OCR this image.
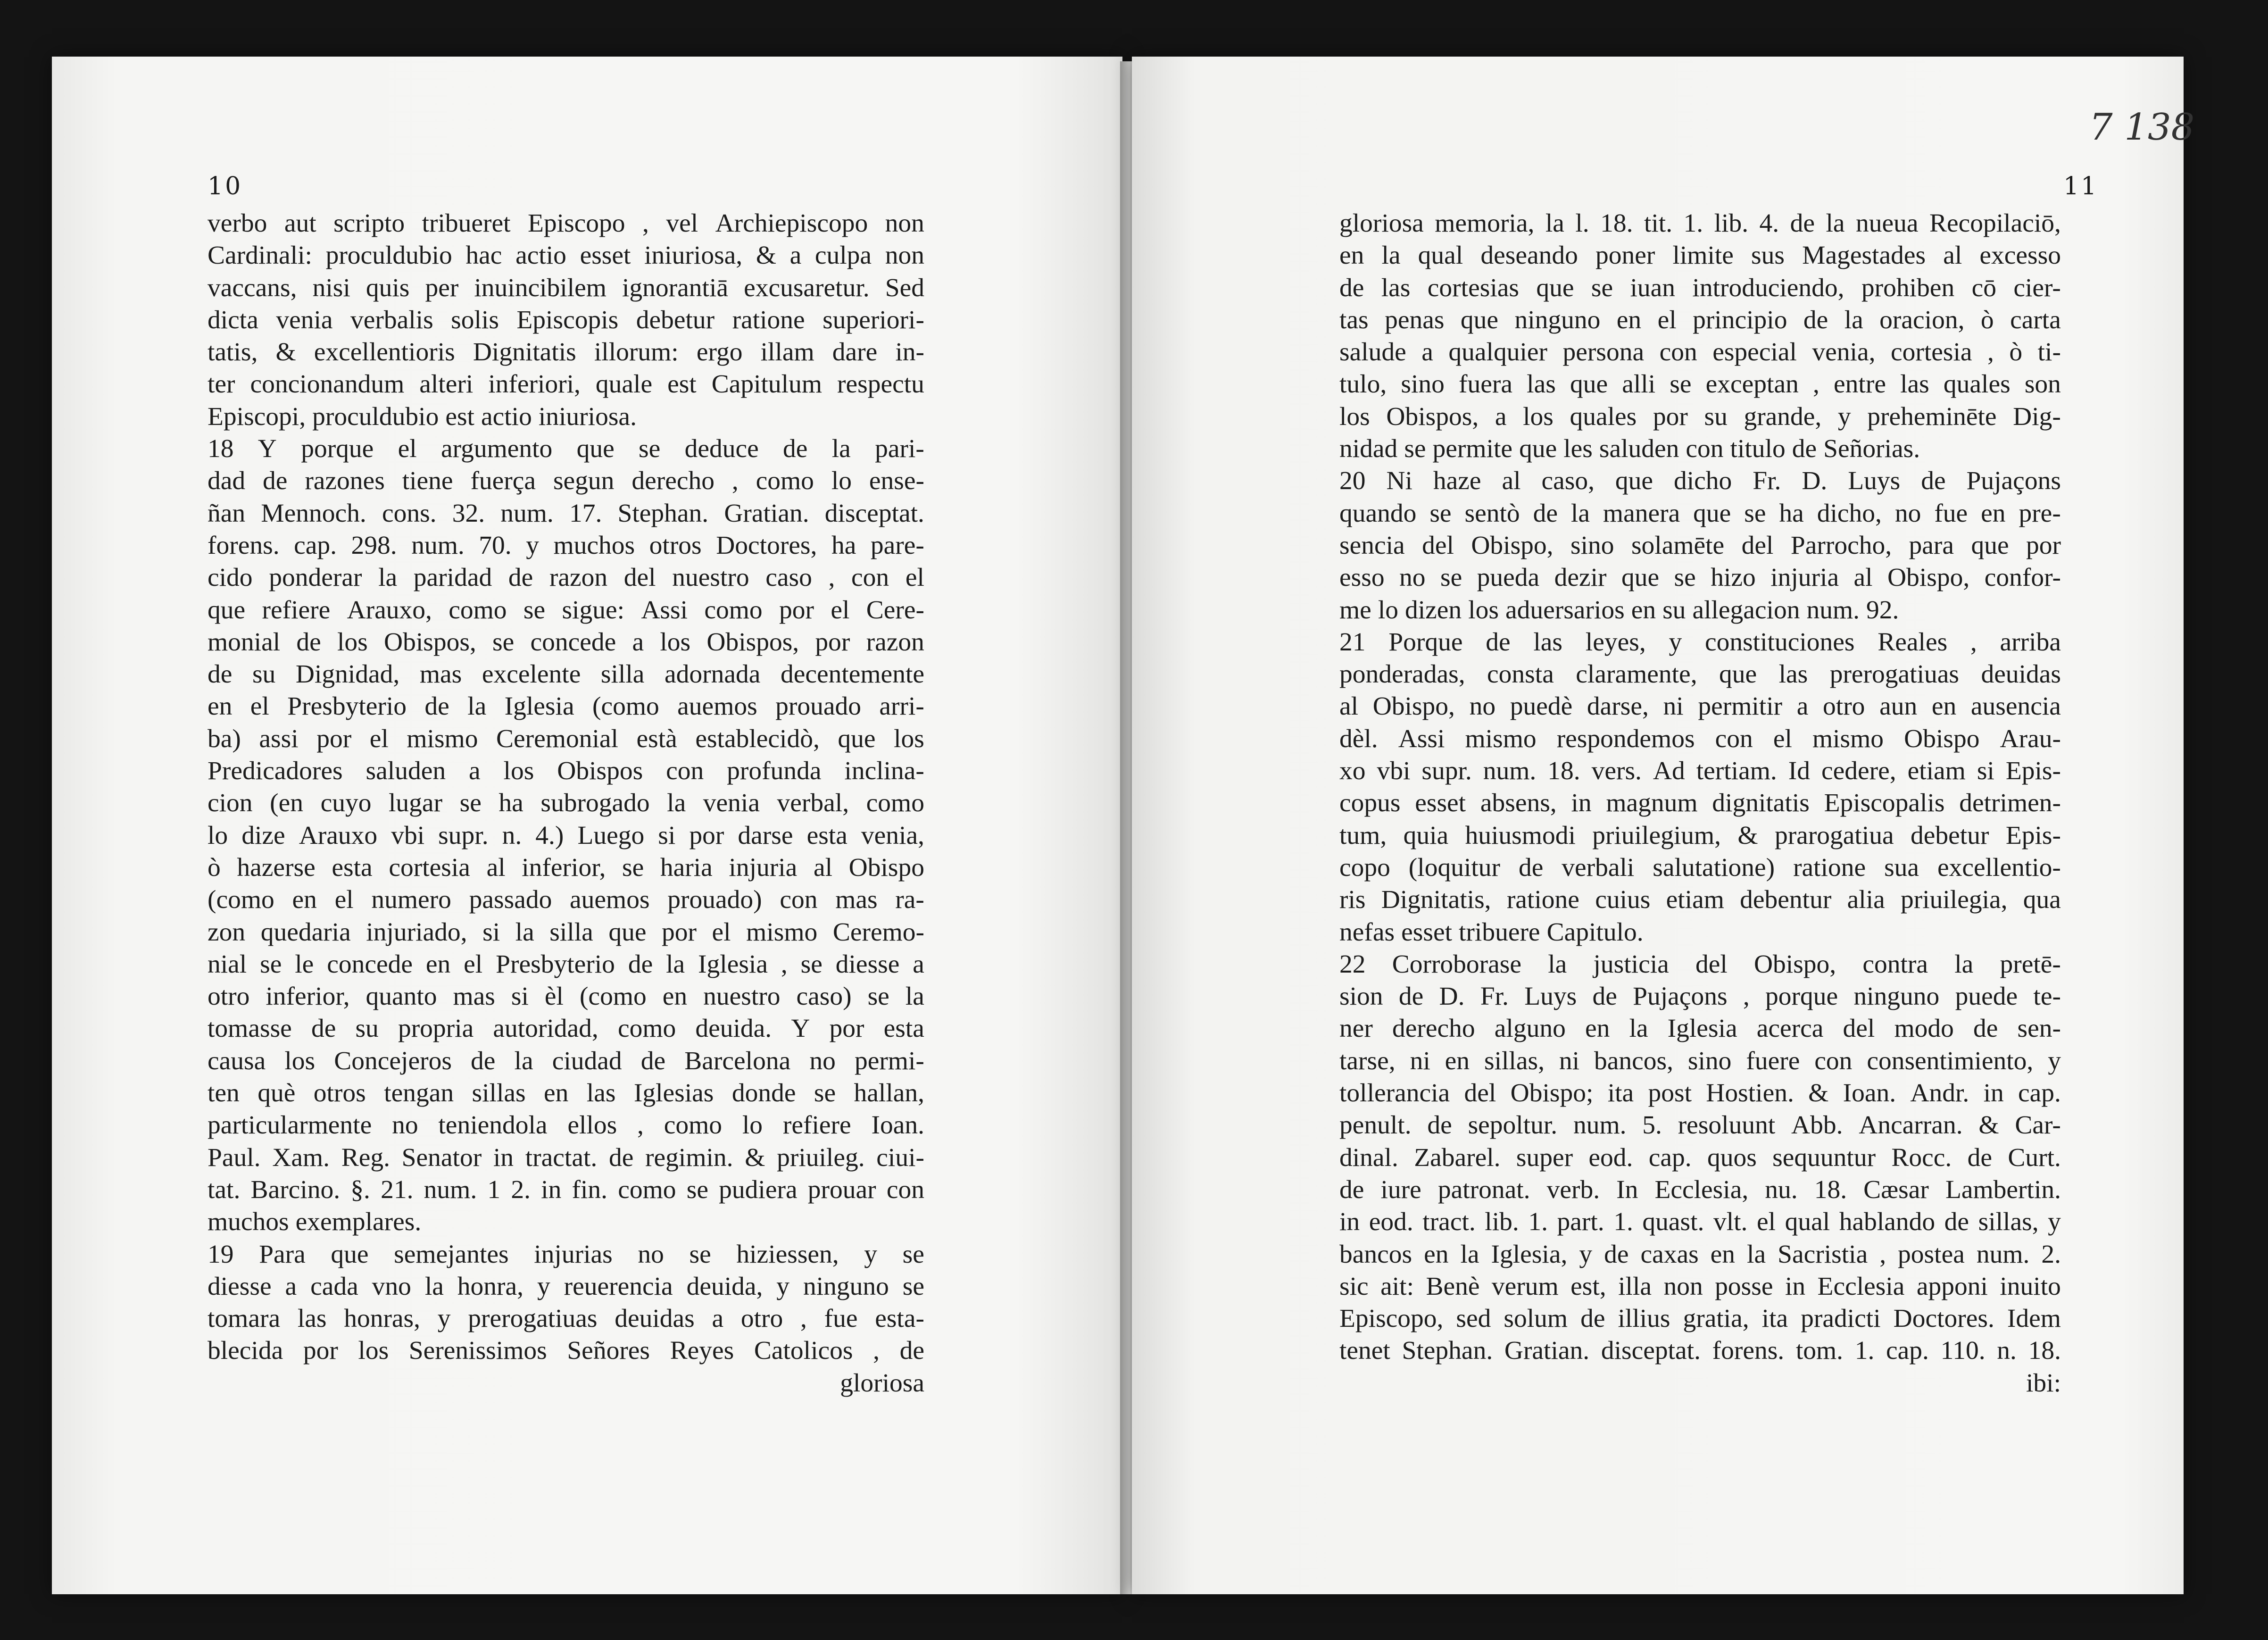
10	11
7 138
verbo aut scripto tribueret Episcopo , vel Archiepiscopo non
Cardinali: proculdubio hac actio esset iniuriosa, & a culpa non
vaccans, nisi quis per inuincibilem ignorantiā excusaretur. Sed
dicta venia verbalis solis Episcopis debetur ratione superiori-
tatis, & excellentioris Dignitatis illorum: ergo illam dare in-
ter concionandum alteri inferiori, quale est Capitulum respectu
Episcopi, proculdubio est actio iniuriosa.
18 Y porque el argumento que se deduce de la pari-
dad de razones tiene fuerça segun derecho , como lo ense-
ñan Mennoch. cons. 32. num. 17. Stephan. Gratian. disceptat.
forens. cap. 298. num. 70. y muchos otros Doctores, ha pare-
cido ponderar la paridad de razon del nuestro caso , con el
que refiere Arauxo, como se sigue: Assi como por el Cere-
monial de los Obispos, se concede a los Obispos, por razon
de su Dignidad, mas excelente silla adornada decentemente
en el Presbyterio de la Iglesia (como auemos prouado arri-
ba) assi por el mismo Ceremonial està establecidò, que los
Predicadores saluden a los Obispos con profunda inclina-
cion (en cuyo lugar se ha subrogado la venia verbal, como
lo dize Arauxo vbi supr. n. 4.) Luego si por darse esta venia,
ò hazerse esta cortesia al inferior, se haria injuria al Obispo
(como en el numero passado auemos prouado) con mas ra-
zon quedaria injuriado, si la silla que por el mismo Ceremo-
nial se le concede en el Presbyterio de la Iglesia , se diesse a
otro inferior, quanto mas si èl (como en nuestro caso) se la
tomasse de su propria autoridad, como deuida. Y por esta
causa los Concejeros de la ciudad de Barcelona no permi-
ten què otros tengan sillas en las Iglesias donde se hallan,
particularmente no teniendola ellos , como lo refiere Ioan.
Paul. Xam. Reg. Senator in tractat. de regimin. & priuileg. ciui-
tat. Barcino. §. 21. num. 1 2. in fin. como se pudiera prouar con
muchos exemplares.
19 Para que semejantes injurias no se hiziessen, y se
diesse a cada vno la honra, y reuerencia deuida, y ninguno se
tomara las honras, y prerogatiuas deuidas a otro , fue esta-
blecida por los Serenissimos Señores Reyes Catolicos , de
gloriosa
gloriosa memoria, la l. 18. tit. 1. lib. 4. de la nueua Recopilaciō,
en la qual deseando poner limite sus Magestades al excesso
de las cortesias que se iuan introduciendo, prohiben cō cier-
tas penas que ninguno en el principio de la oracion, ò carta
salude a qualquier persona con especial venia, cortesia , ò ti-
tulo, sino fuera las que alli se exceptan , entre las quales son
los Obispos, a los quales por su grande, y preheminēte Dig-
nidad se permite que les saluden con titulo de Señorias.
20 Ni haze al caso, que dicho Fr. D. Luys de Pujaçons
quando se sentò de la manera que se ha dicho, no fue en pre-
sencia del Obispo, sino solamēte del Parrocho, para que por
esso no se pueda dezir que se hizo injuria al Obispo, confor-
me lo dizen los aduersarios en su allegacion num. 92.
21 Porque de las leyes, y constituciones Reales , arriba
ponderadas, consta claramente, que las prerogatiuas deuidas
al Obispo, no puedè darse, ni permitir a otro aun en ausencia
dèl. Assi mismo respondemos con el mismo Obispo Arau-
xo vbi supr. num. 18. vers. Ad tertiam. Id cedere, etiam si Epis-
copus esset absens, in magnum dignitatis Episcopalis detrimen-
tum, quia huiusmodi priuilegium, & prarogatiua debetur Epis-
copo (loquitur de verbali salutatione) ratione sua excellentio-
ris Dignitatis, ratione cuius etiam debentur alia priuilegia, qua
nefas esset tribuere Capitulo.
22 Corroborase la justicia del Obispo, contra la pretē-
sion de D. Fr. Luys de Pujaçons , porque ninguno puede te-
ner derecho alguno en la Iglesia acerca del modo de sen-
tarse, ni en sillas, ni bancos, sino fuere con consentimiento, y
tollerancia del Obispo; ita post Hostien. & Ioan. Andr. in cap.
penult. de sepoltur. num. 5. resoluunt Abb. Ancarran. & Car-
dinal. Zabarel. super eod. cap. quos sequuntur Rocc. de Curt.
de iure patronat. verb. In Ecclesia, nu. 18. Cæsar Lambertin.
in eod. tract. lib. 1. part. 1. quast. vlt. el qual hablando de sillas, y
bancos en la Iglesia, y de caxas en la Sacristia , postea num. 2.
sic ait: Benè verum est, illa non posse in Ecclesia apponi inuito
Episcopo, sed solum de illius gratia, ita pradicti Doctores. Idem
tenet Stephan. Gratian. disceptat. forens. tom. 1. cap. 110. n. 18.
ibi:
